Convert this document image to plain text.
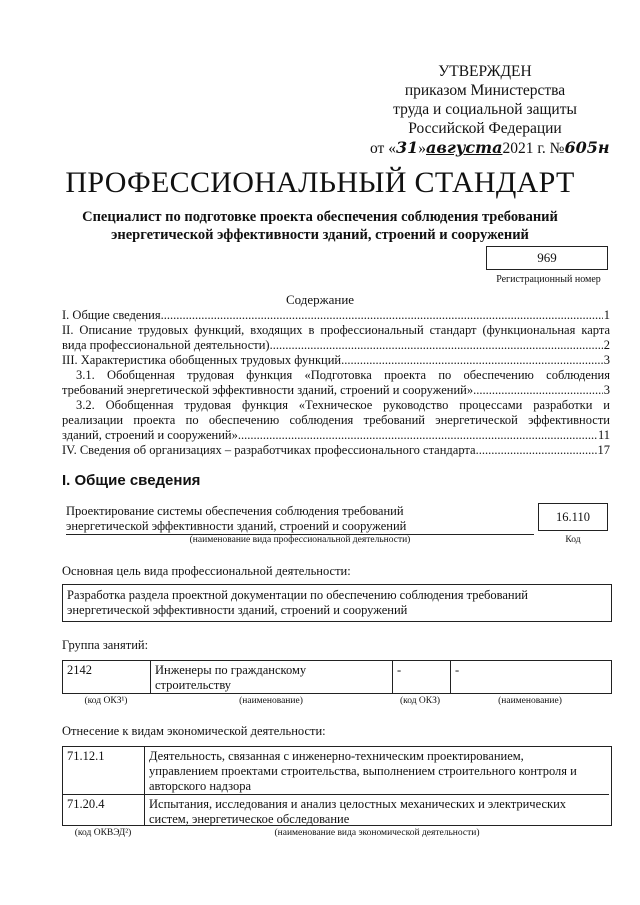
УТВЕРЖДЕН
приказом Министерства
труда и социальной защиты
Российской Федерации
от «31»августа2021 г. №605н
ПРОФЕССИОНАЛЬНЫЙ СТАНДАРТ
Специалист по подготовке проекта обеспечения соблюдения требований
энергетической эффективности зданий, строений и сооружений
969
Регистрационный номер
Содержание
I. Общие сведения .....	1
II. Описание трудовых функций, входящих в профессиональный стандарт (функциональная карта
вида профессиональной деятельности) .....	2
III. Характеристика обобщенных трудовых функций .....	3
3.1. Обобщенная трудовая функция «Подготовка проекта по обеспечению соблюдения
требований энергетической эффективности зданий, строений и сооружений» .....	3
3.2. Обобщенная трудовая функция «Техническое руководство процессами разработки и
реализации проекта по обеспечению соблюдения требований энергетической эффективности
зданий, строений и сооружений» .....	11
IV. Сведения об организациях – разработчиках профессионального стандарта .....	17
I. Общие сведения
Проектирование системы обеспечения соблюдения требований
энергетической эффективности зданий, строений и сооружений
(наименование вида профессиональной деятельности)
16.110
Код
Основная цель вида профессиональной деятельности:
Разработка раздела проектной документации по обеспечению соблюдения требований
энергетической эффективности зданий, строений и сооружений
Группа занятий:
2142	Инженеры по гражданскому
строительству
-	-
(код ОКЗ¹)	(наименование)	(код ОКЗ)	(наименование)
Отнесение к видам экономической деятельности:
71.12.1	Деятельность, связанная с инженерно-техническим проектированием,
управлением проектами строительства, выполнением строительного контроля и
авторского надзора
71.20.4	Испытания, исследования и анализ целостных механических и электрических
систем, энергетическое обследование
(код ОКВЭД²)	(наименование вида экономической деятельности)
